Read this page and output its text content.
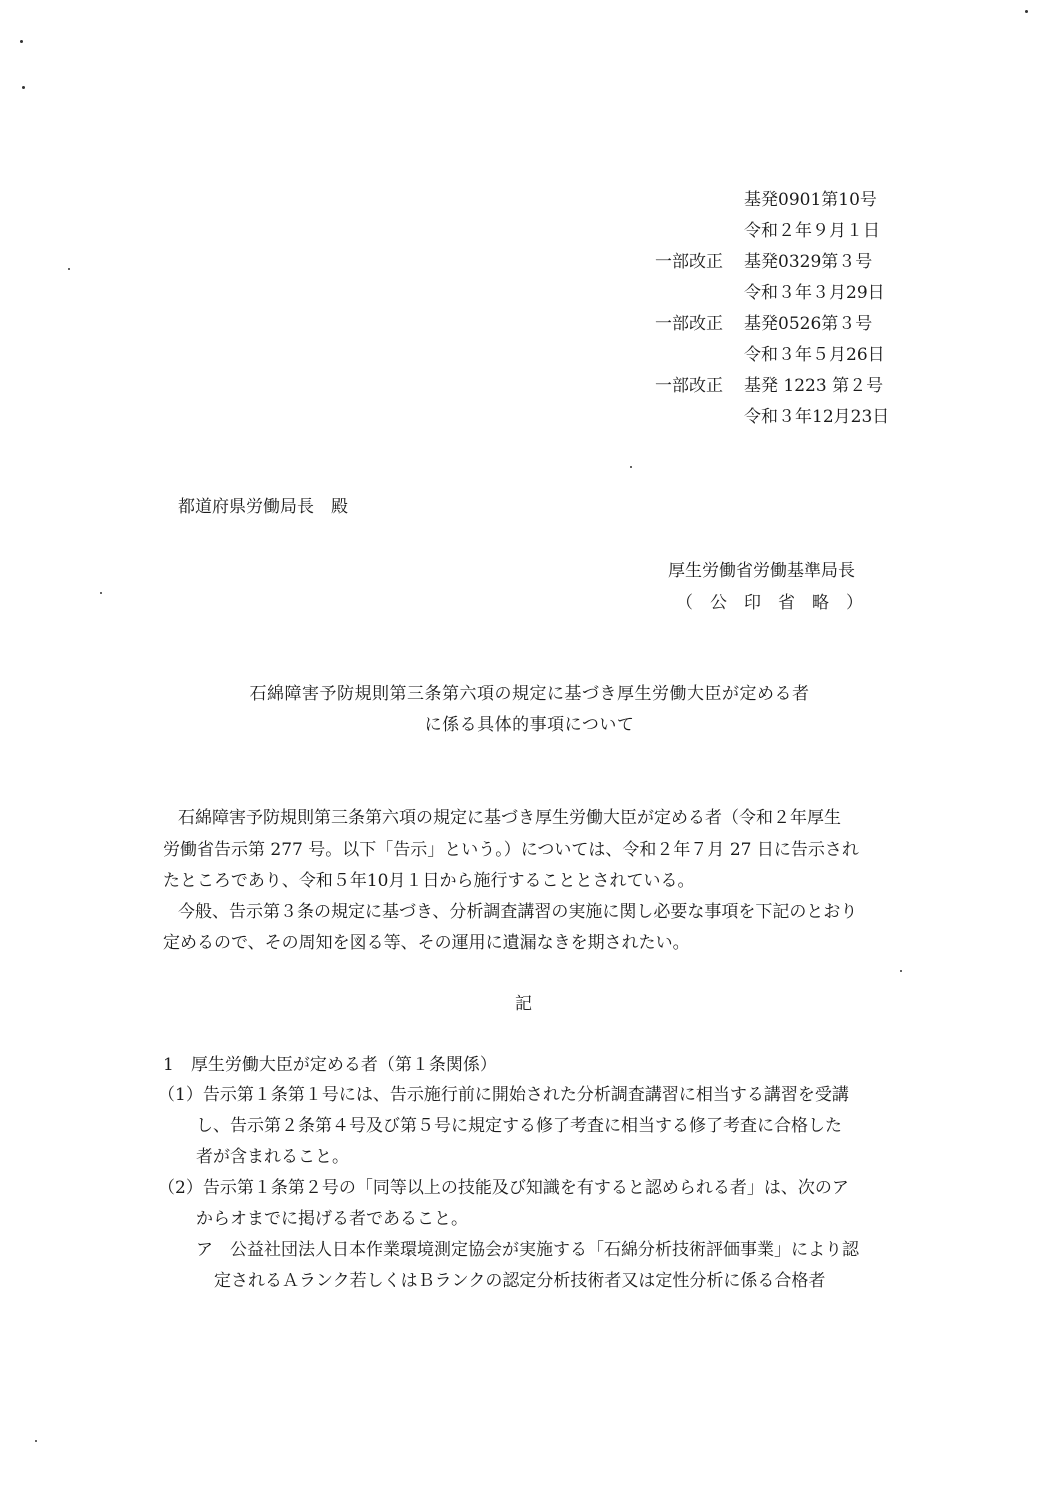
基発0901第10号
令和２年９月１日
一部改正 基発0329第３号
令和３年３月29日
一部改正 基発0526第３号
令和３年５月26日
一部改正 基発 1223 第２号
令和３年12月23日
都道府県労働局長　殿
厚生労働省労働基準局長
（　公　印　省　略　）
石綿障害予防規則第三条第六項の規定に基づき厚生労働大臣が定める者
に係る具体的事項について
石綿障害予防規則第三条第六項の規定に基づき厚生労働大臣が定める者（令和２年厚生
労働省告示第 277 号。以下「告示」という。）については、令和２年７月 27 日に告示され
たところであり、令和５年10月１日から施行することとされている。
今般、告示第３条の規定に基づき、分析調査講習の実施に関し必要な事項を下記のとおり
定めるので、その周知を図る等、その運用に遺漏なきを期されたい。
記
1　厚生労働大臣が定める者（第１条関係）
（1）告示第１条第１号には、告示施行前に開始された分析調査講習に相当する講習を受講
し、告示第２条第４号及び第５号に規定する修了考査に相当する修了考査に合格した
者が含まれること。
（2）告示第１条第２号の「同等以上の技能及び知識を有すると認められる者」は、次のア
からオまでに掲げる者であること。
ア　公益社団法人日本作業環境測定協会が実施する「石綿分析技術評価事業」により認
定されるＡランク若しくはＢランクの認定分析技術者又は定性分析に係る合格者
